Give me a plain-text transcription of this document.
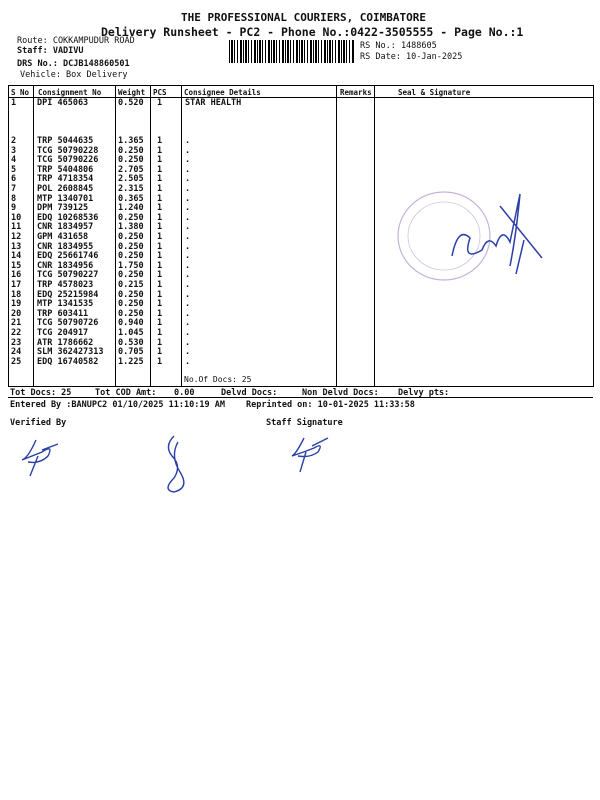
THE PROFESSIONAL COURIERS, COIMBATORE
Delivery Runsheet - PC2 - Phone No.:0422-3505555 - Page No.:1
Route: COKKAMPUDUR ROAD
Staff: VADIVU
DRS No.: DCJB148860501
Vehicle: Box Delivery
RS No.: 1488605
RS Date: 10-Jan-2025
S No Consignment No Weight PCS Consignee Details	Remarks	Seal & Signature
1 DPI 465063	0.520 1	STAR HEALTH
2 TRP 5044635	1.365 1	.
3 TCG 50790228 0.250 1	.
4 TCG 50790226 0.250 1	.
5 TRP 5404806	2.705 1	.
6 TRP 4718354	2.505 1	.
7 POL 2608845	2.315 1	.
8 MTP 1340701	0.365 1	.
9 DPM 739125	1.240 1	.
10 EDQ 10268536 0.250 1	.
11 CNR 1834957	1.380 1	.
12 GPM 431658	0.250 1	.
13 CNR 1834955	0.250 1	.
14 EDQ 25661746 0.250 1	.
15 CNR 1834956	1.750 1	.
16 TCG 50790227 0.250 1	.
17 TRP 4578023	0.215 1	.
18 EDQ 25215984 0.250 1	.
19 MTP 1341535	0.250 1	.
20 TRP 603411	0.250 1	.
21 TCG 50790726 0.940 1	.
22 TCG 204917	1.045 1	.
23 ATR 1786662	0.530 1	.
24 SLM 362427313 0.705 1	.
25 EDQ 16740582 1.225 1	.
No.Of Docs: 25
Tot Docs: 25	Tot COD Amt: 0.00	Delvd Docs:	Non Delvd Docs: Delvy pts:
Entered By :BANUPC2 01/10/2025 11:10:19 AM Reprinted on: 10-01-2025 11:33:58
Verified By	Staff Signature
